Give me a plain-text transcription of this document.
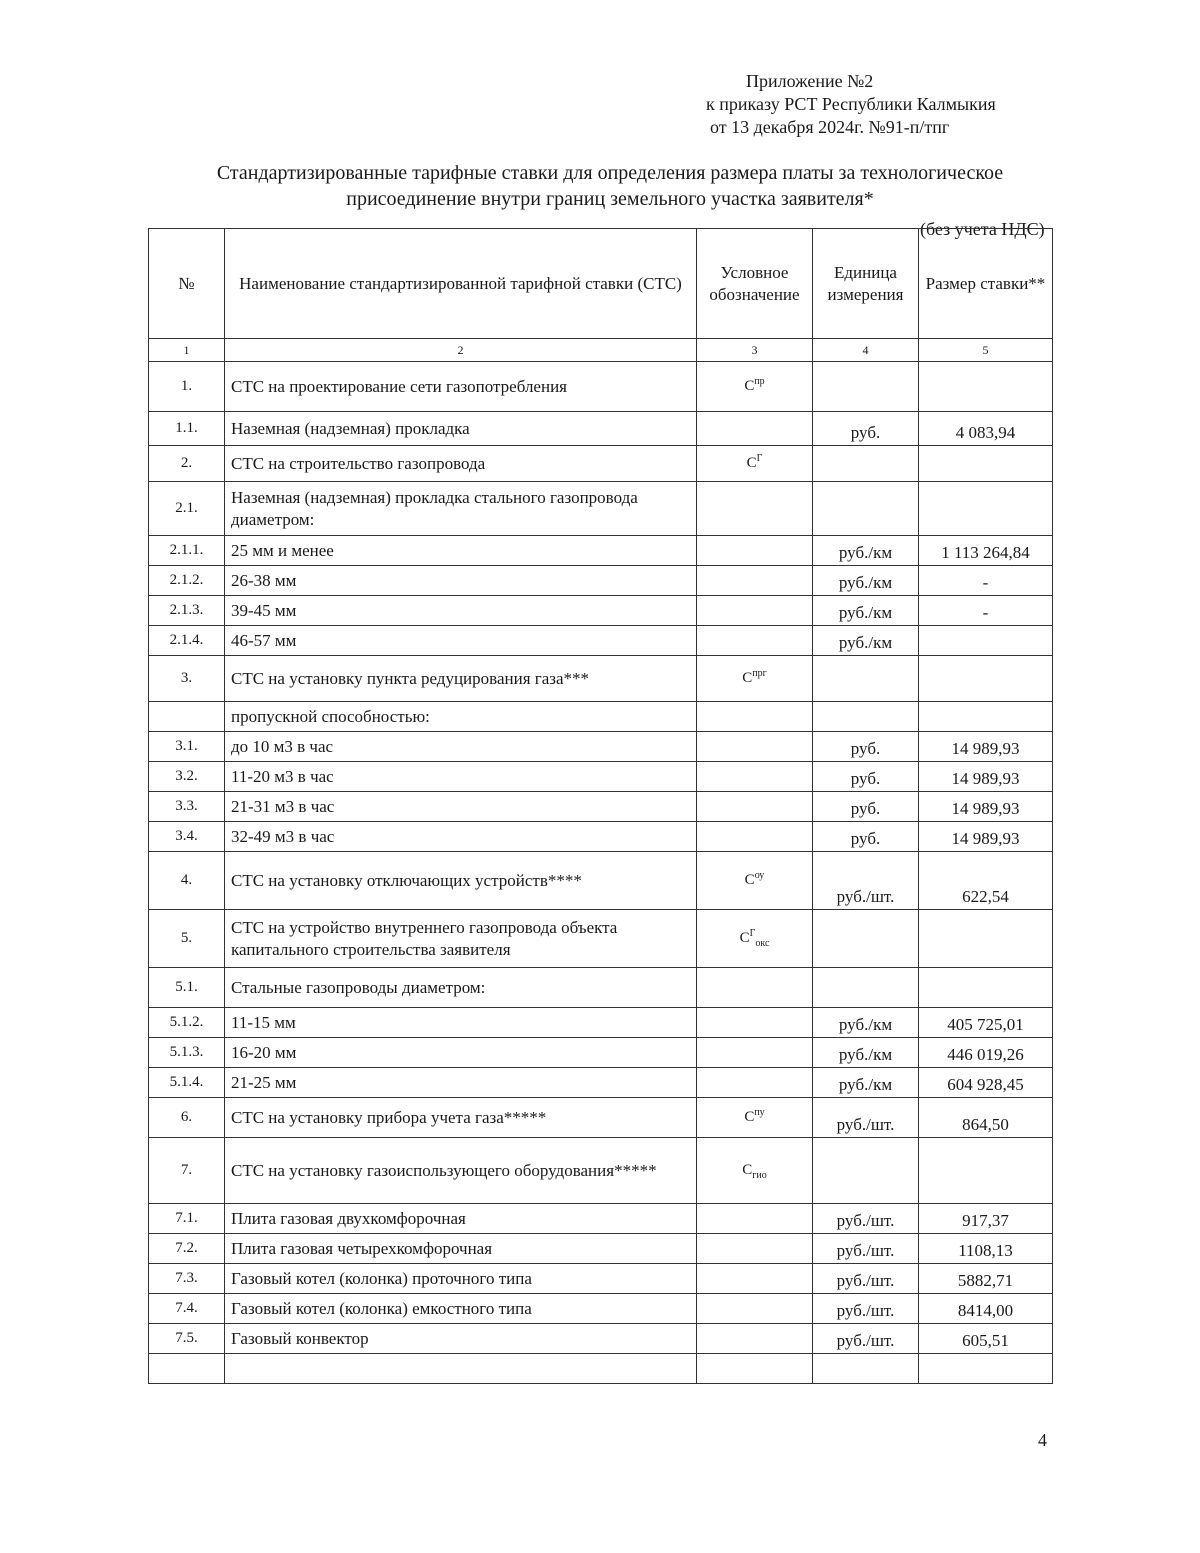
Приложение №2
к приказу РСТ Республики Калмыкия
от 13 декабря 2024г. №91-п/тпг
Стандартизированные тарифные ставки для определения размера платы за технологическое присоединение внутри границ земельного участка заявителя*
(без учета НДС)
№	Наименование стандартизированной тарифной ставки (СТС)	Условное обозначение	Единица измерения	Размер ставки**
1	2	3	4	5
1.	СТС на проектирование сети газопотребления	$С^{пр}$		
1.1.	Наземная (надземная) прокладка		руб.	4 083,94
2.	СТС на строительство газопровода	$С^Г$		
2.1.	Наземная (надземная) прокладка стального газопровода диаметром:			
2.1.1.	25 мм и менее		руб./км	1 113 264,84
2.1.2.	26-38 мм		руб./км	-
2.1.3.	39-45 мм		руб./км	-
2.1.4.	46-57 мм		руб./км	
3.	СТС на установку пункта редуцирования газа***	$С^{прг}$		
	пропускной способностью:			
3.1.	до 10 м3 в час		руб.	14 989,93
3.2.	11-20 м3 в час		руб.	14 989,93
3.3.	21-31 м3 в час		руб.	14 989,93
3.4.	32-49 м3 в час		руб.	14 989,93
4.	СТС на установку отключающих устройств****	$С^{оу}$	руб./шт.	622,54
5.	СТС на устройство внутреннего газопровода объекта капитального строительства заявителя	$С^Г_{окс}$		
5.1.	Стальные газопроводы диаметром:			
5.1.2.	11-15 мм		руб./км	405 725,01
5.1.3.	16-20 мм		руб./км	446 019,26
5.1.4.	21-25 мм		руб./км	604 928,45
6.	СТС на установку прибора учета газа*****	$С^{пу}$	руб./шт.	864,50
7.	СТС на установку газоиспользующего оборудования*****	$С_{гио}$		
7.1.	Плита газовая двухкомфорочная		руб./шт.	917,37
7.2.	Плита газовая четырехкомфорочная		руб./шт.	1108,13
7.3.	Газовый котел (колонка) проточного типа		руб./шт.	5882,71
7.4.	Газовый котел (колонка) емкостного типа		руб./шт.	8414,00
7.5.	Газовый конвектор		руб./шт.	605,51

4
